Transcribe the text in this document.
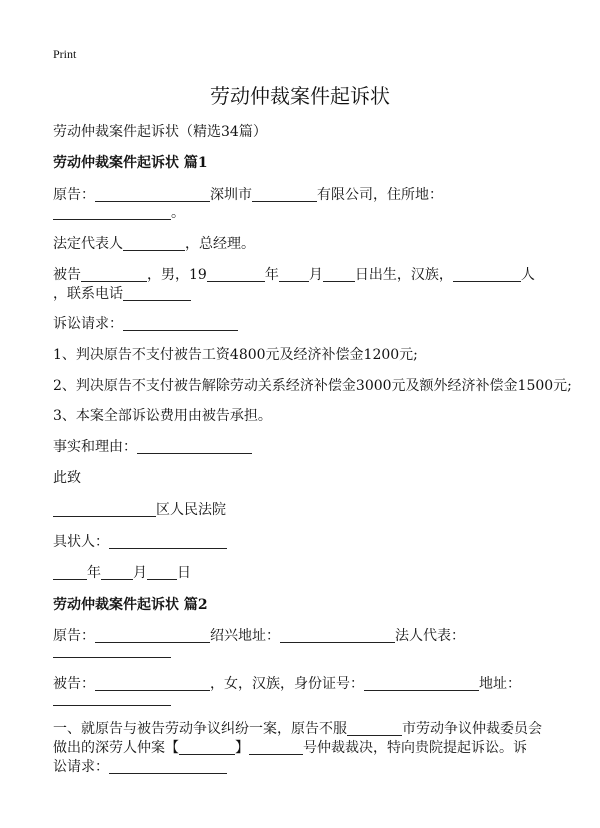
Print
劳动仲裁案件起诉状
劳动仲裁案件起诉状（精选34篇）
劳动仲裁案件起诉状 篇1
原告：	深圳市	有限公司，住所地：
。
法定代表人	，总经理。
被告	，男，19	年 月 日出生，汉族，	人
，联系电话
诉讼请求：
1、判决原告不支付被告工资4800元及经济补偿金1200元;
2、判决原告不支付被告解除劳动关系经济补偿金3000元及额外经济补偿金1500元;
3、本案全部诉讼费用由被告承担。
事实和理由：
此致
区人民法院
具状人：
年 月 日
劳动仲裁案件起诉状 篇2
原告：	绍兴地址：	法人代表：
被告：	，女，汉族，身份证号：	地址：
一、就原告与被告劳动争议纠纷一案，原告不服	市劳动争议仲裁委员会
做出的深劳人仲案【	】	号仲裁裁决，特向贵院提起诉讼。诉
讼请求：
